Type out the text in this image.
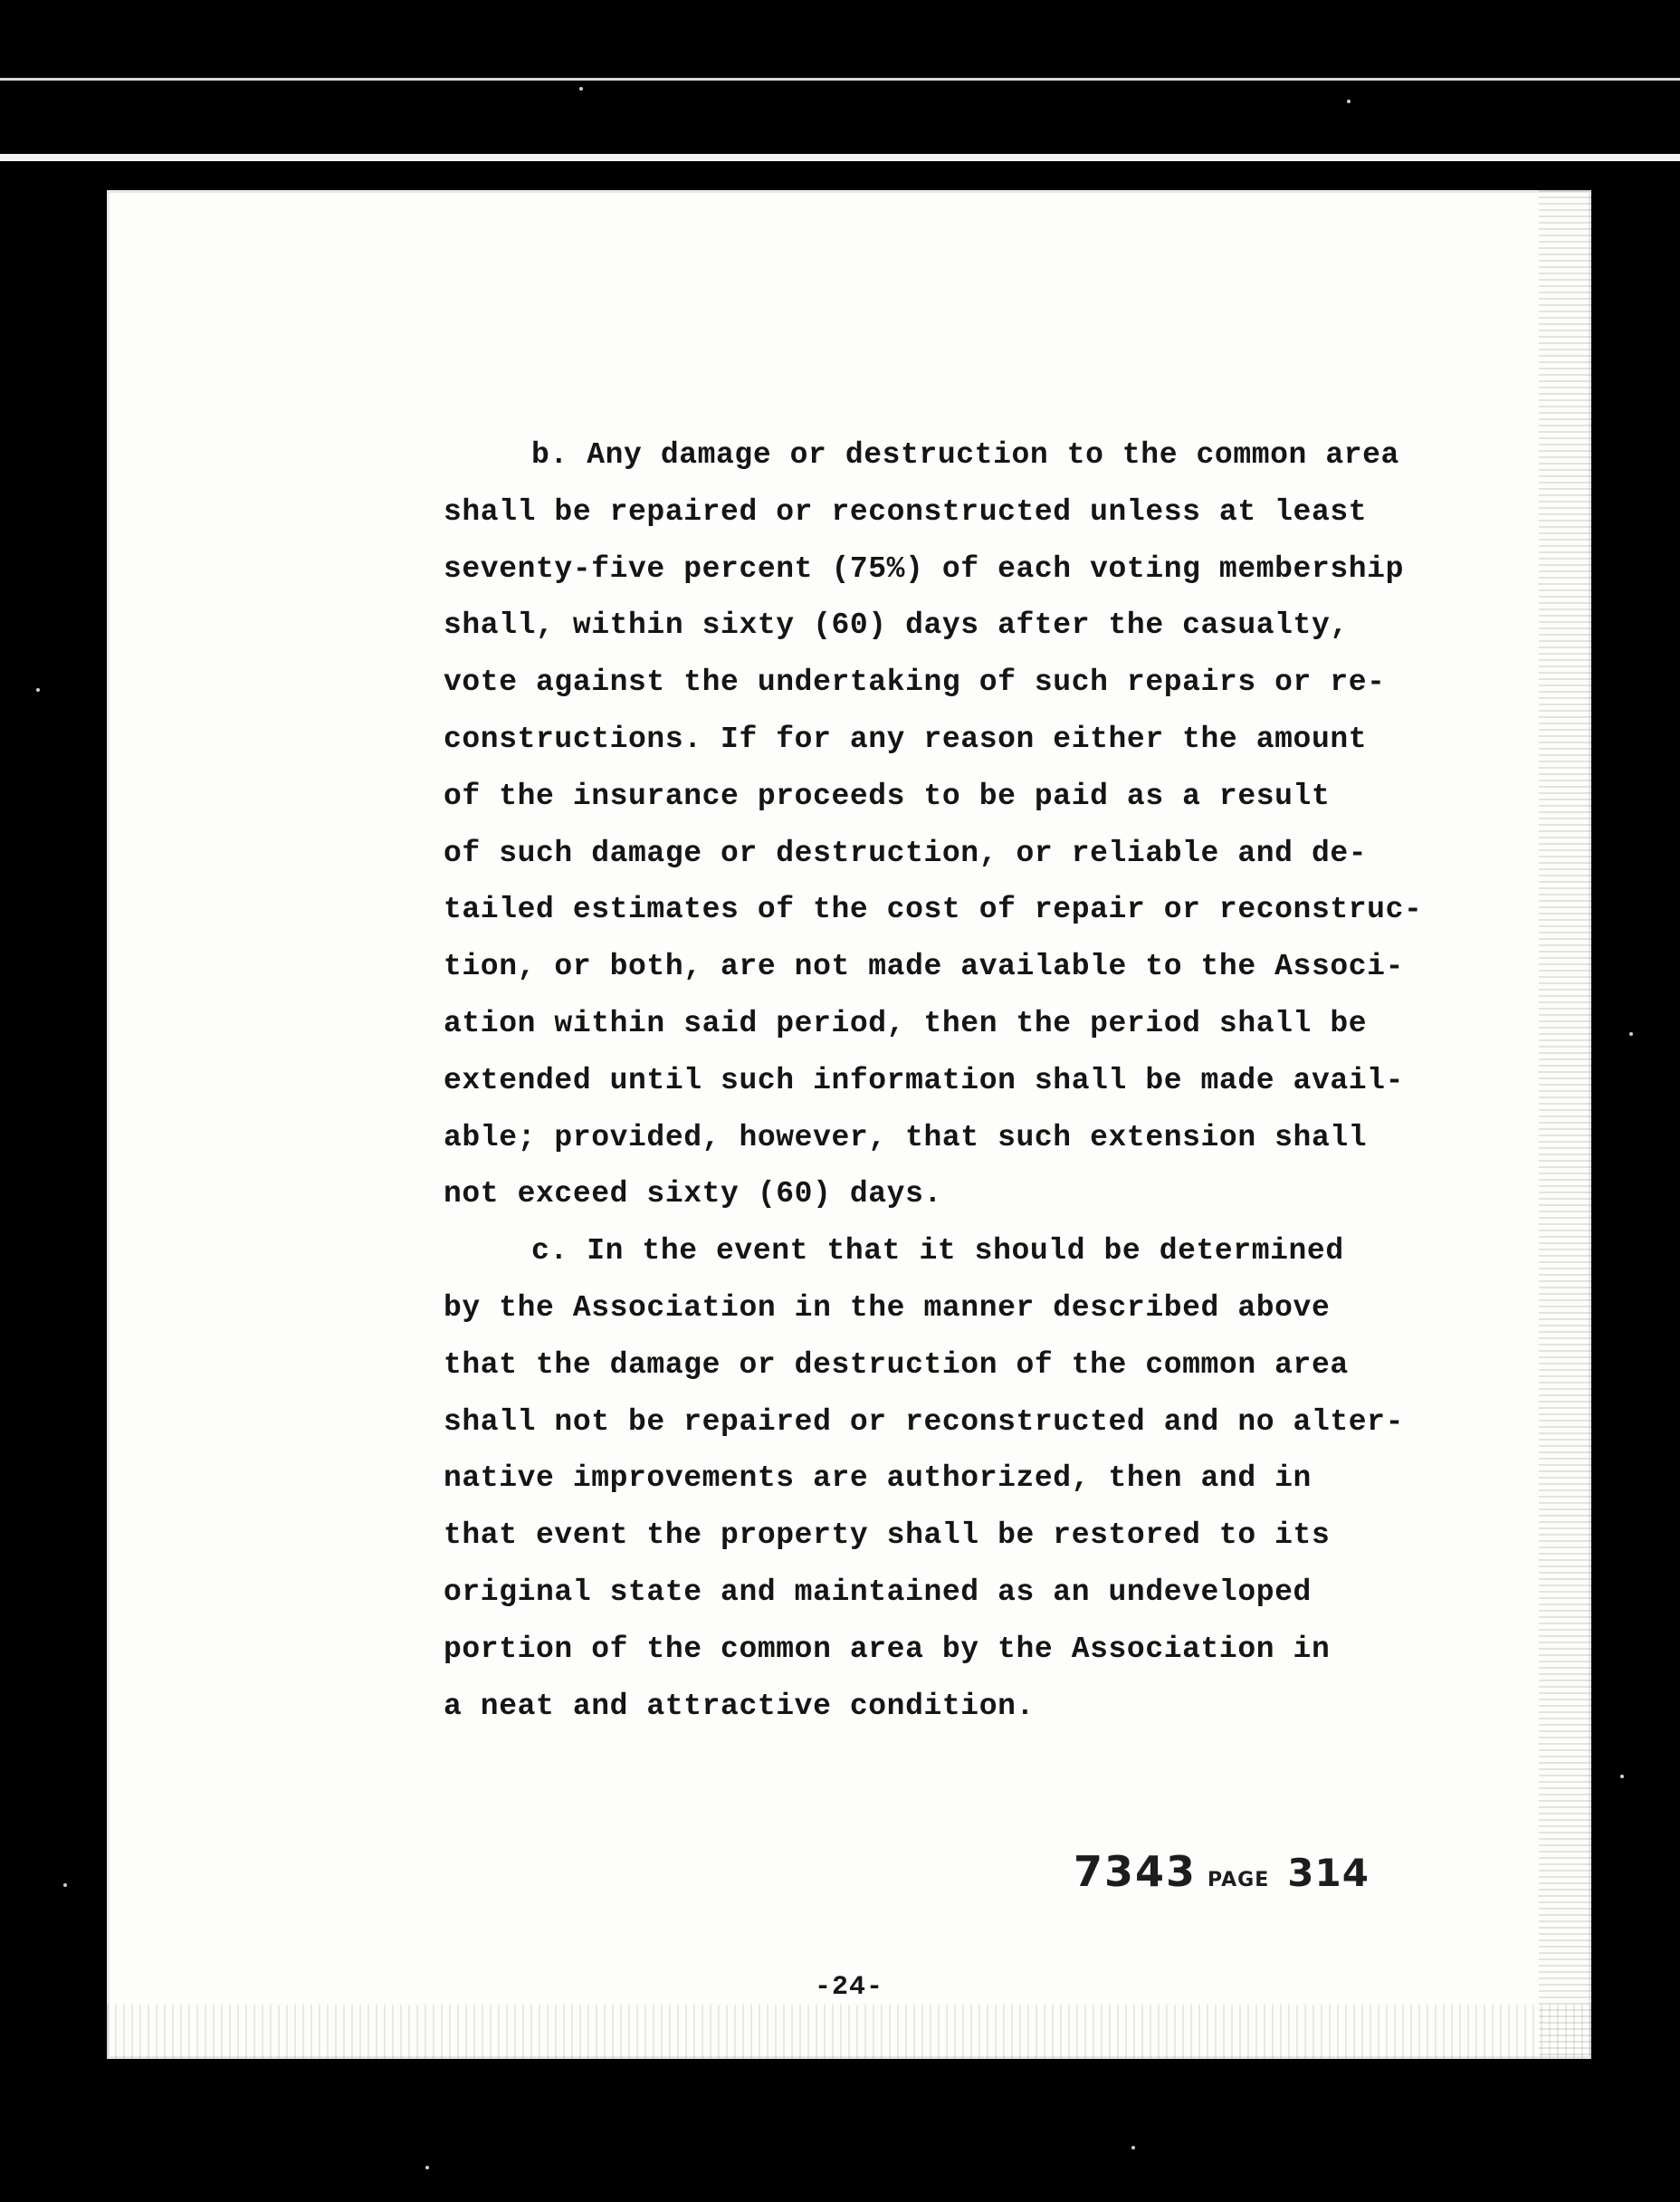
b. Any damage or destruction to the common area
shall be repaired or reconstructed unless at least
seventy-five percent (75%) of each voting membership
shall, within sixty (60) days after the casualty,
vote against the undertaking of such repairs or re-
constructions. If for any reason either the amount
of the insurance proceeds to be paid as a result
of such damage or destruction, or reliable and de-
tailed estimates of the cost of repair or reconstruc-
tion, or both, are not made available to the Associ-
ation within said period, then the period shall be
extended until such information shall be made avail-
able; provided, however, that such extension shall
not exceed sixty (60) days.

c. In the event that it should be determined
by the Association in the manner described above
that the damage or destruction of the common area
shall not be repaired or reconstructed and no alter-
native improvements are authorized, then and in
that event the property shall be restored to its
original state and maintained as an undeveloped
portion of the common area by the Association in
a neat and attractive condition.

7343 PAGE 314
-24-
